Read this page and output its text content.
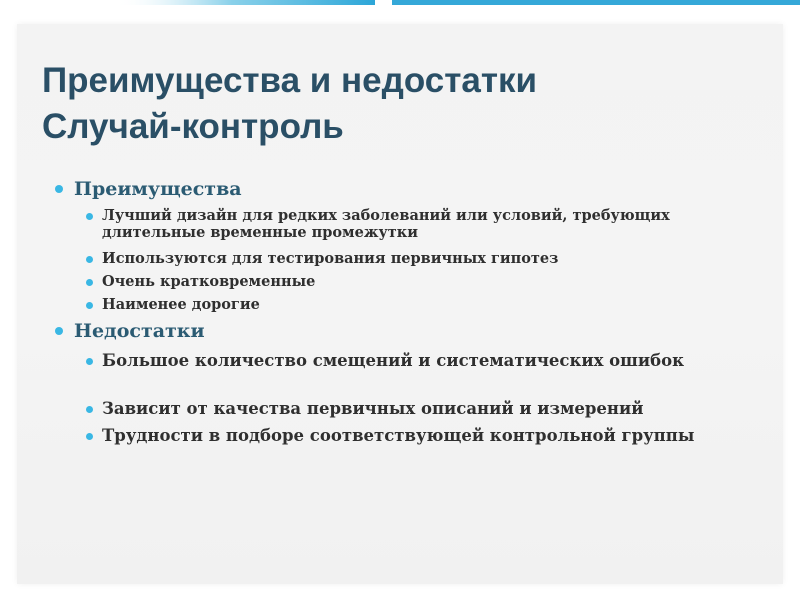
Преимущества и недостатки
Случай-контроль
Преимущества
Лучший дизайн для редких заболеваний или условий, требующих длительные временные промежутки
Используются для тестирования первичных гипотез
Очень кратковременные
Наименее дорогие
Недостатки
Большое количество смещений и систематических ошибок
Зависит от качества первичных описаний и измерений
Трудности в подборе соответствующей контрольной группы
